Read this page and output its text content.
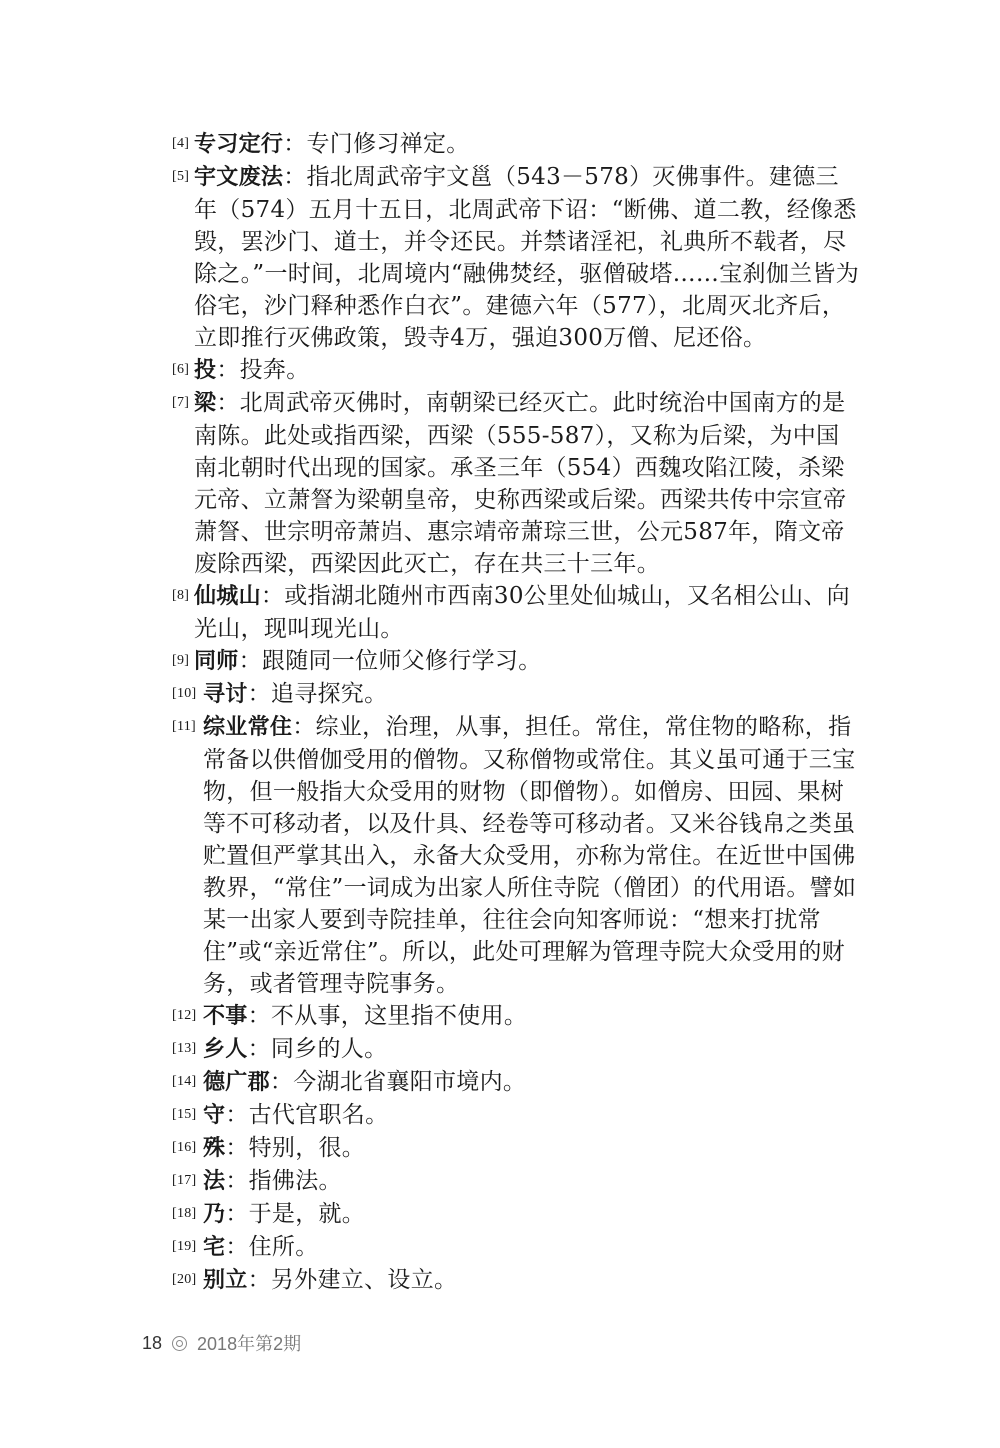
[4] 专习定行：专门修习禅定。
[5] 宇文废法：指北周武帝宇文邕（543－578）灭佛事件。建德三年（574）五月十五日，北周武帝下诏：“断佛、道二教，经像悉毁，罢沙门、道士，并令还民。并禁诸淫祀，礼典所不载者，尽除之。”一时间，北周境内“融佛焚经，驱僧破塔……宝刹伽兰皆为俗宅，沙门释种悉作白衣”。建德六年（577），北周灭北齐后，立即推行灭佛政策，毁寺4万，强迫300万僧、尼还俗。
[6] 投：投奔。
[7] 梁：北周武帝灭佛时，南朝梁已经灭亡。此时统治中国南方的是南陈。此处或指西梁，西梁（555-587），又称为后梁，为中国南北朝时代出现的国家。承圣三年（554）西魏攻陷江陵，杀梁元帝、立萧詧为梁朝皇帝，史称西梁或后梁。西梁共传中宗宣帝萧詧、世宗明帝萧岿、惠宗靖帝萧琮三世，公元587年，隋文帝废除西梁，西梁因此灭亡，存在共三十三年。
[8] 仙城山：或指湖北随州市西南30公里处仙城山，又名相公山、向光山，现叫现光山。
[9] 同师：跟随同一位师父修行学习。
[10] 寻讨：追寻探究。
[11] 综业常住：综业，治理，从事，担任。常住，常住物的略称，指常备以供僧伽受用的僧物。又称僧物或常住。其义虽可通于三宝物，但一般指大众受用的财物（即僧物）。如僧房、田园、果树等不可移动者，以及什具、经卷等可移动者。又米谷钱帛之类虽贮置但严掌其出入，永备大众受用，亦称为常住。在近世中国佛教界，“常住”一词成为出家人所住寺院（僧团）的代用语。譬如某一出家人要到寺院挂单，往往会向知客师说：“想来打扰常住”或“亲近常住”。所以，此处可理解为管理寺院大众受用的财务，或者管理寺院事务。
[12] 不事：不从事，这里指不使用。
[13] 乡人：同乡的人。
[14] 德广郡：今湖北省襄阳市境内。
[15] 守：古代官职名。
[16] 殊：特别，很。
[17] 法：指佛法。
[18] 乃：于是，就。
[19] 宅：住所。
[20] 别立：另外建立、设立。
18 2018年第2期
